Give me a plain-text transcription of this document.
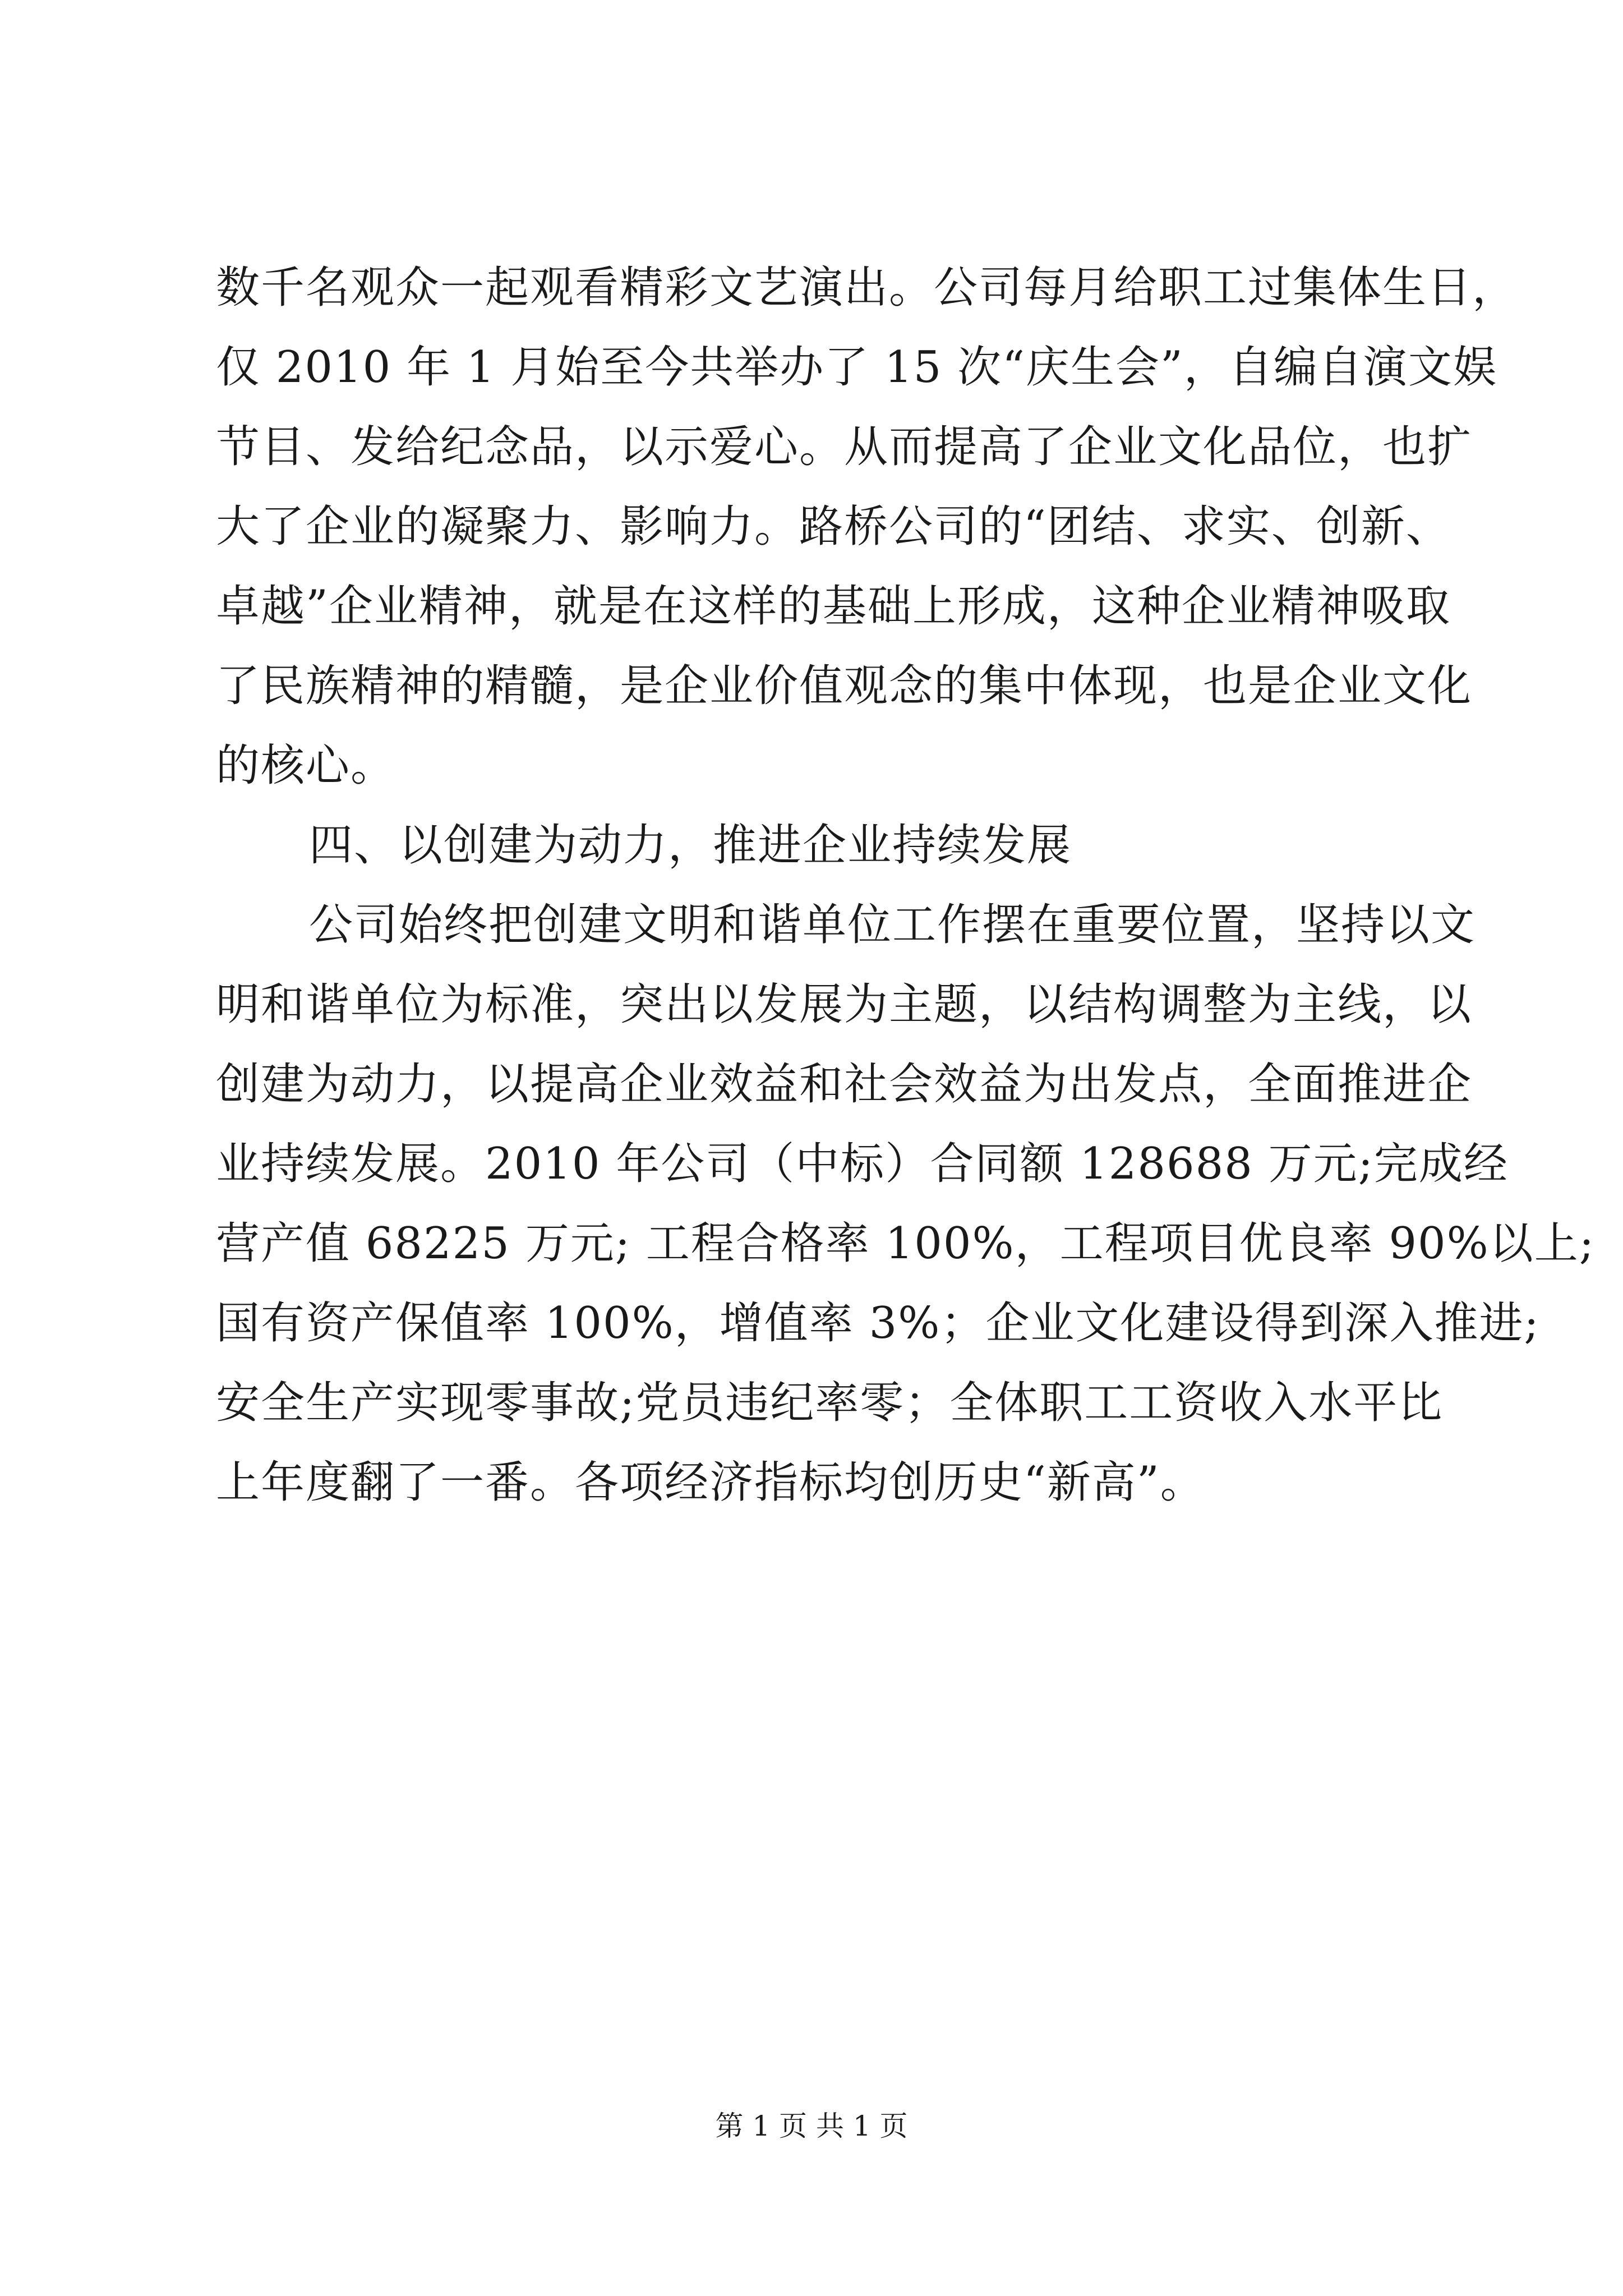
数千名观众一起观看精彩文艺演出。公司每月给职工过集体生日，
仅 2010 年 1 月始至今共举办了 15 次“庆生会”，自编自演文娱
节目、发给纪念品，以示爱心。从而提高了企业文化品位，也扩
大了企业的凝聚力、影响力。路桥公司的“团结、求实、创新、
卓越”企业精神，就是在这样的基础上形成，这种企业精神吸取
了民族精神的精髓，是企业价值观念的集中体现，也是企业文化
的核心。
四、以创建为动力，推进企业持续发展
公司始终把创建文明和谐单位工作摆在重要位置，坚持以文
明和谐单位为标准，突出以发展为主题，以结构调整为主线，以
创建为动力，以提高企业效益和社会效益为出发点，全面推进企
业持续发展。2010 年公司（中标）合同额 128688 万元;完成经
营产值 68225 万元; 工程合格率 100%，工程项目优良率 90%以上;
国有资产保值率 100%，增值率 3%；企业文化建设得到深入推进;
安全生产实现零事故;党员违纪率零；全体职工工资收入水平比
上年度翻了一番。各项经济指标均创历史“新高”。
第 1 页 共 1 页
